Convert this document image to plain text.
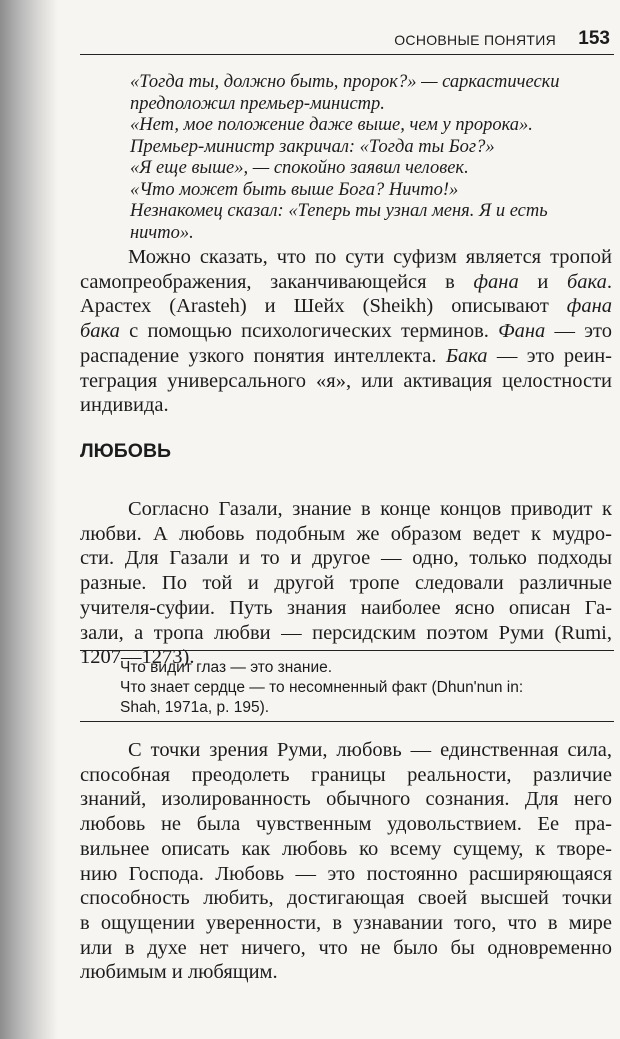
ОСНОВНЫЕ ПОНЯТИЯ 153
«Тогда ты, должно быть, пророк?» — саркастически
предположил премьер-министр.
«Нет, мое положение даже выше, чем у пророка».
Премьер-министр закричал: «Тогда ты Бог?»
«Я еще выше», — спокойно заявил человек.
«Что может быть выше Бога? Ничто!»
Незнакомец сказал: «Теперь ты узнал меня. Я и есть
ничто».
Можно сказать, что по сути суфизм является тропой
самопреображения, заканчивающейся в фана и бака.
Арастех (Arasteh) и Шейх (Sheikh) описывают фана
бака с помощью психологических терминов. Фана — это
распадение узкого понятия интеллекта. Бака — это реин-
теграция универсального «я», или активация целостности
индивида.
ЛЮБОВЬ
Согласно Газали, знание в конце концов приводит к
любви. А любовь подобным же образом ведет к мудро-
сти. Для Газали и то и другое — одно, только подходы
разные. По той и другой тропе следовали различные
учителя-суфии. Путь знания наиболее ясно описан Га-
зали, а тропа любви — персидским поэтом Руми (Rumi,
1207—1273).
Что видит глаз — это знание.
Что знает сердце — то несомненный факт (Dhun'nun in:
Shah, 1971a, p. 195).
С точки зрения Руми, любовь — единственная сила,
способная преодолеть границы реальности, различие
знаний, изолированность обычного сознания. Для него
любовь не была чувственным удовольствием. Ее пра-
вильнее описать как любовь ко всему сущему, к творе-
нию Господа. Любовь — это постоянно расширяющаяся
способность любить, достигающая своей высшей точки
в ощущении уверенности, в узнавании того, что в мире
или в духе нет ничего, что не было бы одновременно
любимым и любящим.
